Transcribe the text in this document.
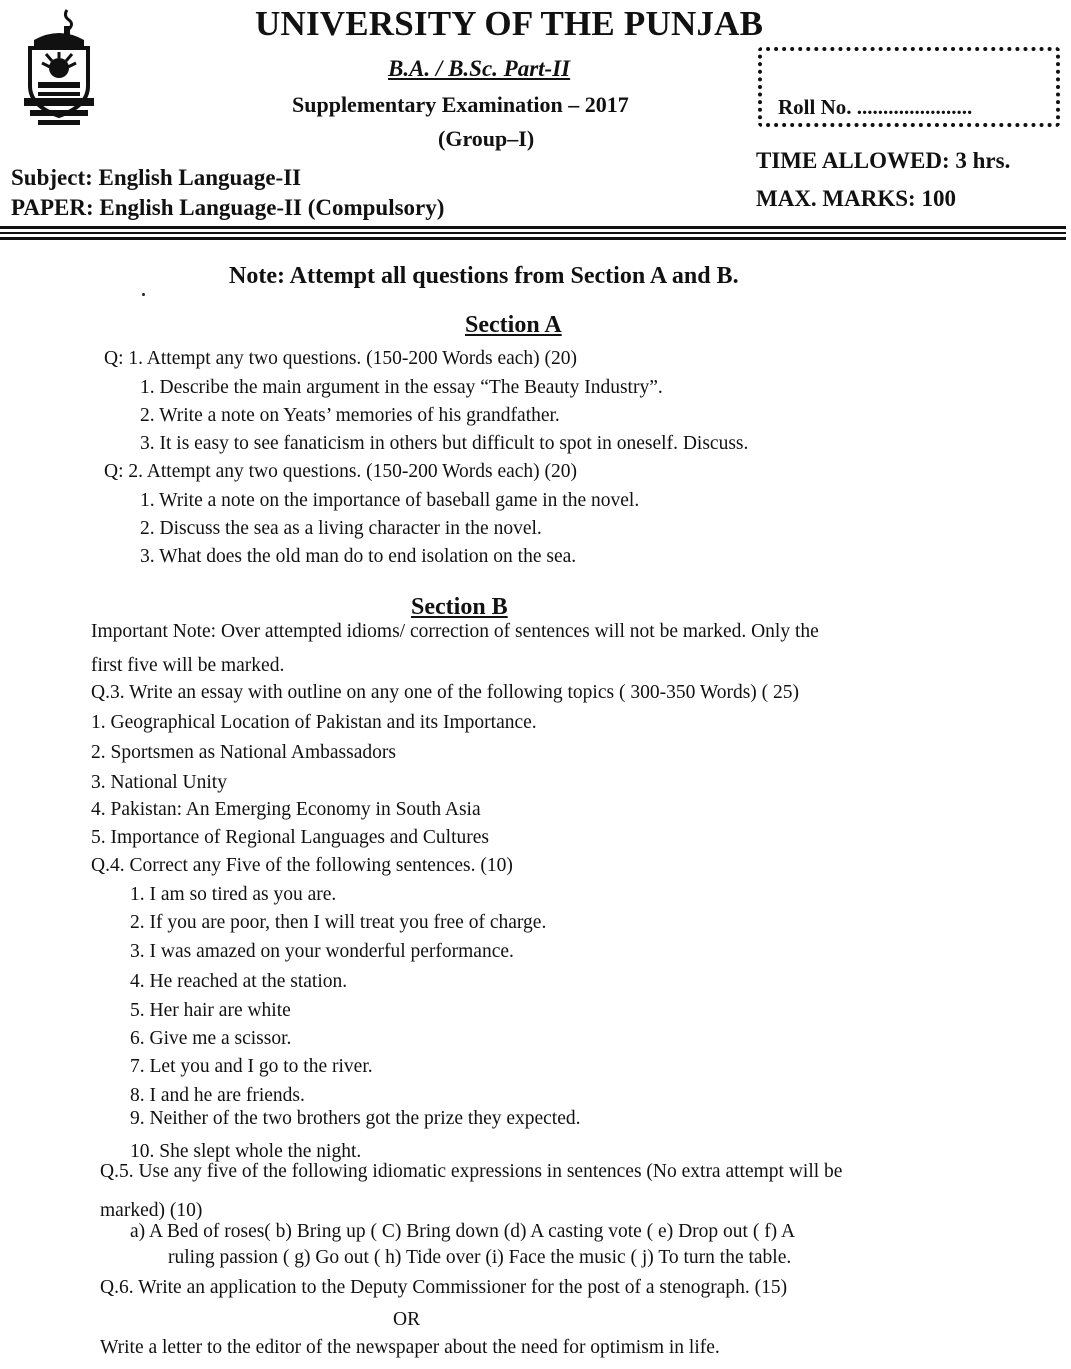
UNIVERSITY OF THE PUNJAB
B.A. / B.Sc. Part-II
Supplementary Examination – 2017
(Group–I)
Roll No. ......................
Subject: English Language-II
PAPER: English Language-II (Compulsory)
TIME ALLOWED: 3 hrs.
MAX. MARKS: 100
Note: Attempt all questions from Section A and B.
Section A
Q: 1. Attempt any two questions. (150-200 Words each) (20)
1. Describe the main argument in the essay “The Beauty Industry”.
2. Write a note on Yeats’ memories of his grandfather.
3. It is easy to see fanaticism in others but difficult to spot in oneself. Discuss.
Q: 2. Attempt any two questions. (150-200 Words each) (20)
1. Write a note on the importance of baseball game in the novel.
2. Discuss the sea as a living character in the novel.
3. What does the old man do to end isolation on the sea.
Section B
Important Note: Over attempted idioms/ correction of sentences will not be marked. Only the
first five will be marked.
Q.3. Write an essay with outline on any one of the following topics ( 300-350 Words) ( 25)
1. Geographical Location of Pakistan and its Importance.
2. Sportsmen as National Ambassadors
3. National Unity
4. Pakistan: An Emerging Economy in South Asia
5. Importance of Regional Languages and Cultures
Q.4. Correct any Five of the following sentences. (10)
1. I am so tired as you are.
2. If you are poor, then I will treat you free of charge.
3. I was amazed on your wonderful performance.
4. He reached at the station.
5. Her hair are white
6. Give me a scissor.
7. Let you and I go to the river.
8. I and he are friends.
9. Neither of the two brothers got the prize they expected.
10. She slept whole the night.
Q.5. Use any five of the following idiomatic expressions in sentences (No extra attempt will be
marked) (10)
a) A Bed of roses( b) Bring up ( C) Bring down (d) A casting vote ( e) Drop out ( f) A
ruling passion ( g) Go out ( h) Tide over (i) Face the music ( j) To turn the table.
Q.6. Write an application to the Deputy Commissioner for the post of a stenograph. (15)
OR
Write a letter to the editor of the newspaper about the need for optimism in life.
